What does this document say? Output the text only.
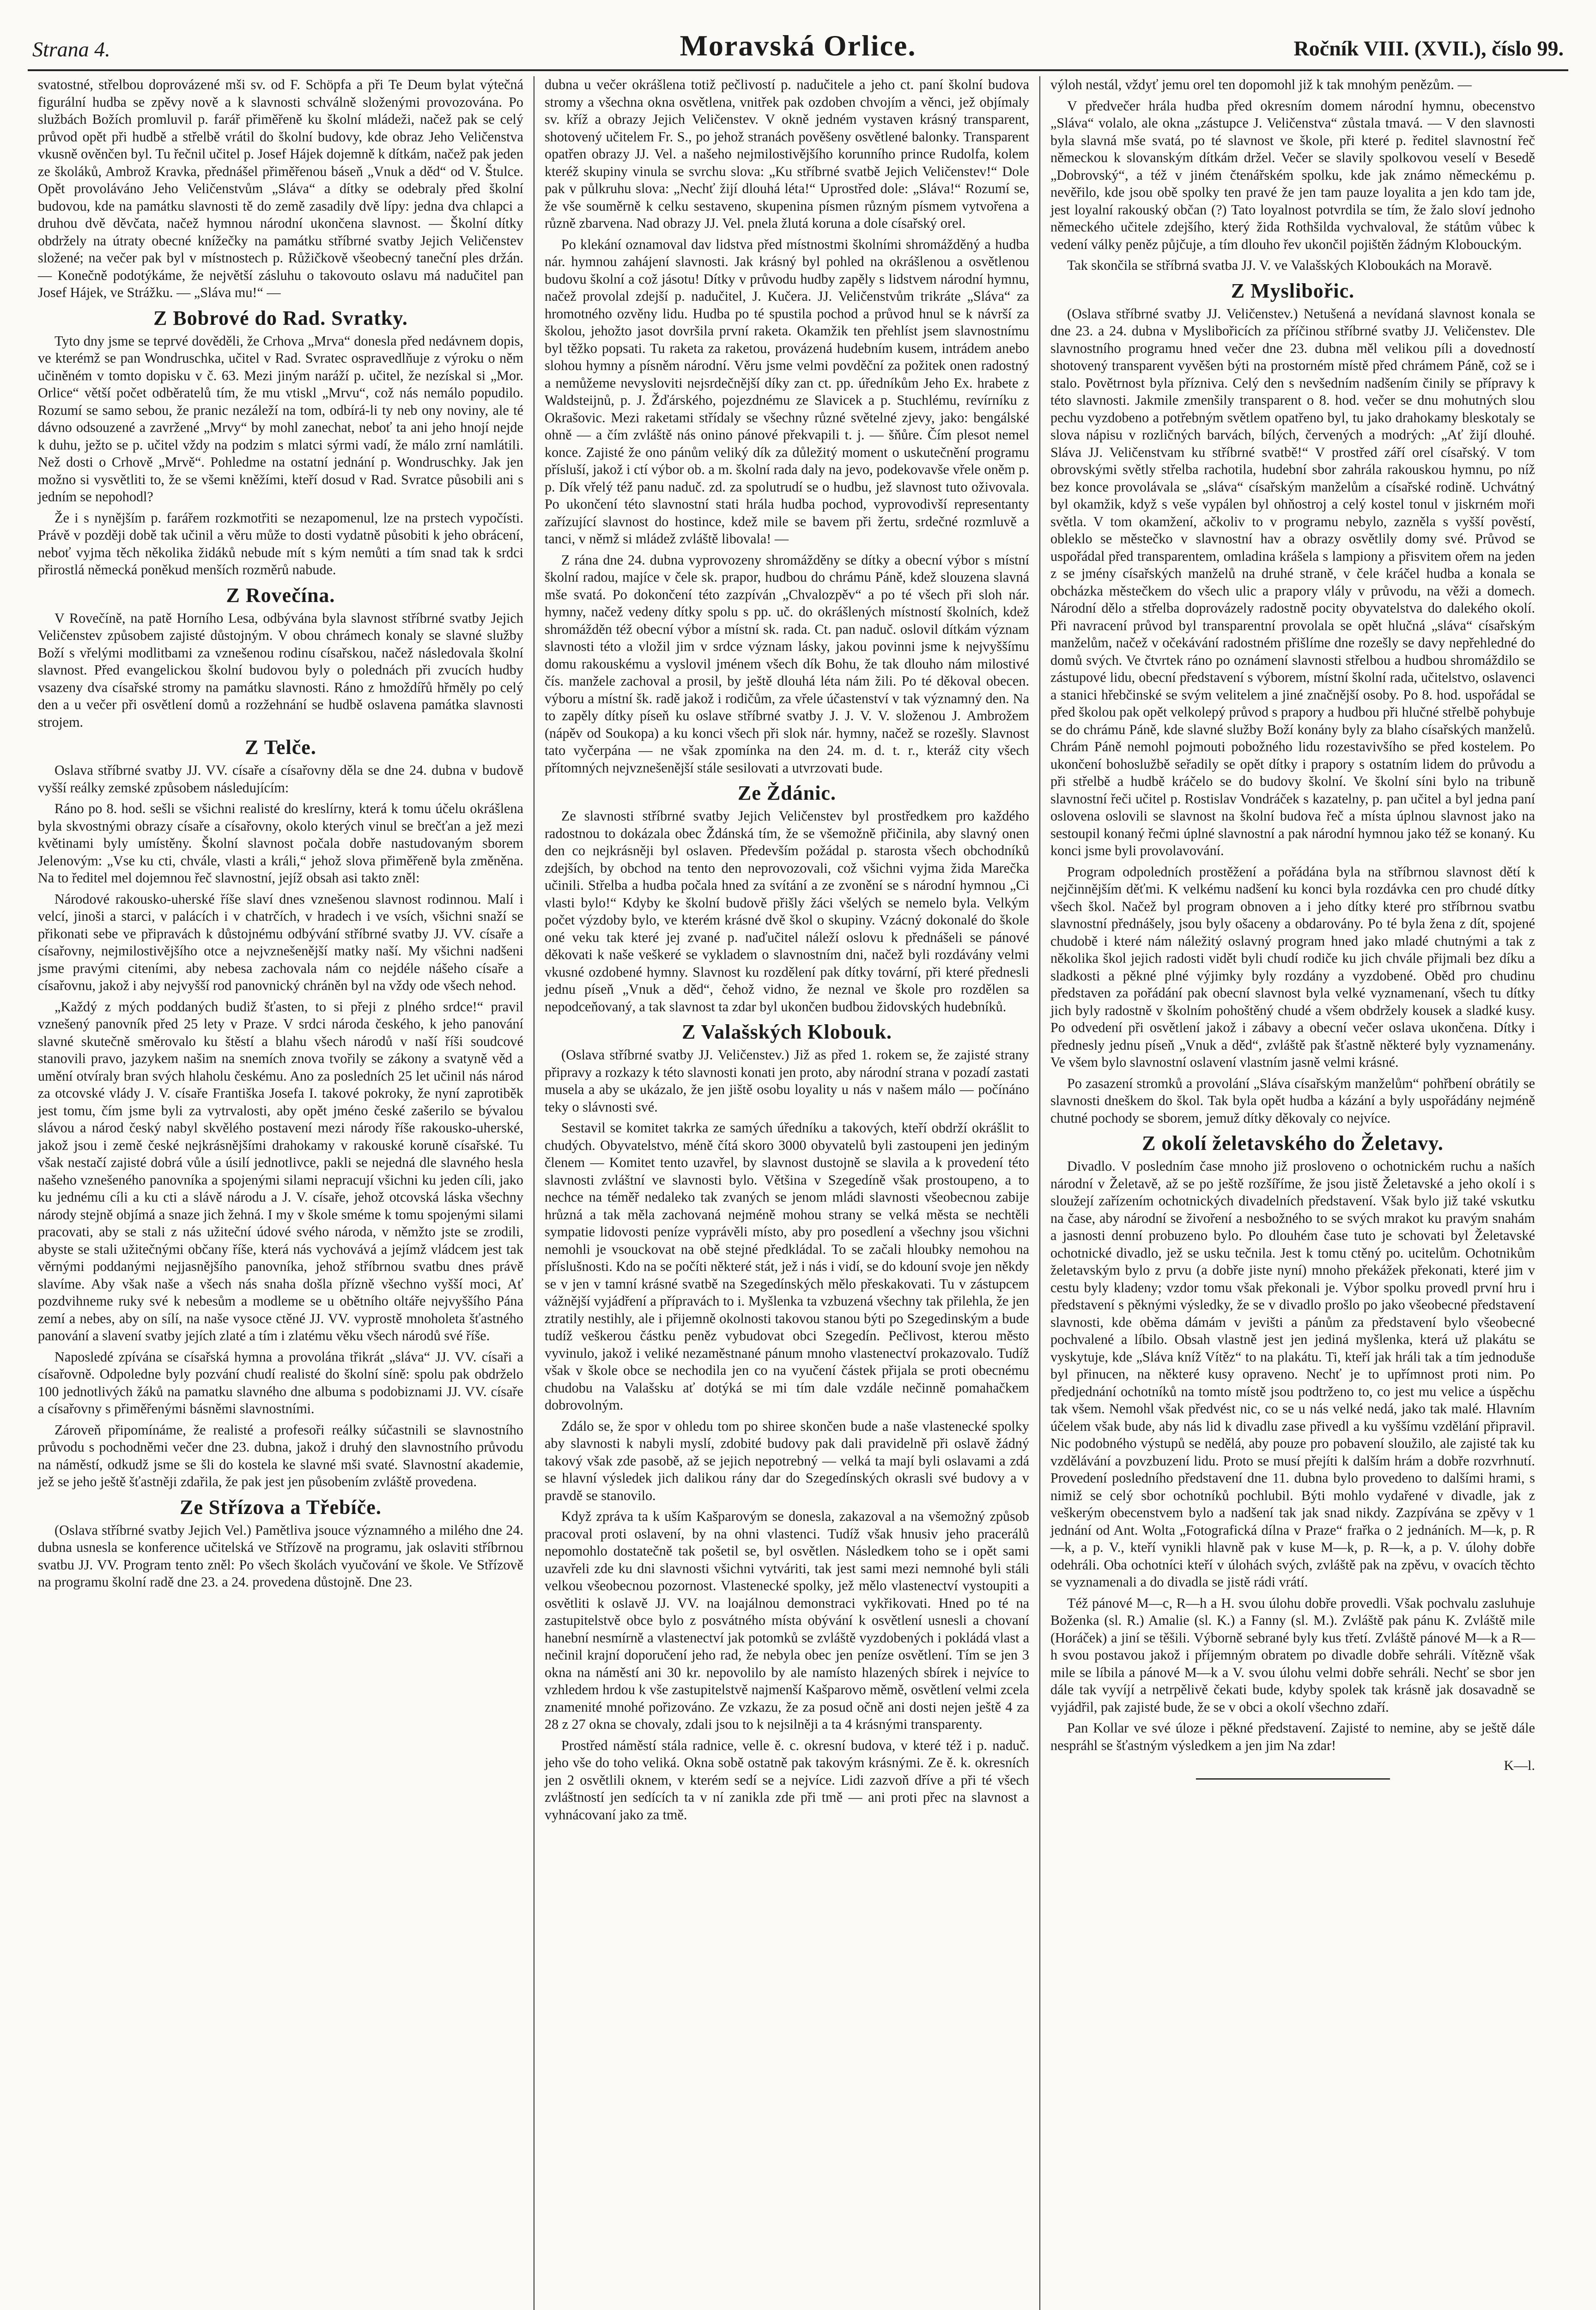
Strana 4.	Moravská Orlice.	Ročník VIII. (XVII.), číslo 99.

svatostné, střelbou doprovázené mši sv. od F. Schöpfa a při Te Deum bylat výtečná figurální hudba se zpěvy nově a k slavnosti schválně složenými provozována. Po službách Božích promluvil p. farář přiměřeně ku školní mládeži, načež pak se celý průvod opět při hudbě a střelbě vrátil do školní budovy, kde obraz Jeho Veličenstva vkusně ověnčen byl. Tu řečnil učitel p. Josef Hájek dojemně k dítkám, načež pak jeden ze školáků, Ambrož Kravka, přednášel přiměřenou báseň „Vnuk a děd“ od V. Štulce. Opět provoláváno Jeho Veličenstvům „Sláva“ a dítky se odebraly před školní budovou, kde na památku slavnosti tě do země zasadily dvě lípy: jedna dva chlapci a druhou dvě děvčata, načež hymnou národní ukončena slavnost. — Školní dítky obdržely na útraty obecné knížečky na památku stříbrné svatby Jejich Veličenstev složené; na večer pak byl v místnostech p. Růžičkově všeobecný taneční ples držán. — Konečně podotýkáme, že největší zásluhu o takovouto oslavu má nadučitel pan Josef Hájek, ve Strážku. — „Sláva mu!“ —

Z Bobrové do Rad. Svratky.

Tyto dny jsme se teprvé dověděli, že Crhova „Mrva“ donesla před nedávnem dopis, ve kterémž se pan Wondruschka, učitel v Rad. Svratec ospravedlňuje z výroku o něm učiněném v tomto dopisku v č. 63. Mezi jiným naráží p. učitel, že nezískal si „Mor. Orlice“ větší počet odběratelů tím, že mu vtiskl „Mrvu“, což nás nemálo popudilo. Rozumí se samo sebou, že pranic nezáleží na tom, odbírá-li ty neb ony noviny, ale té dávno odsouzené a zavržené „Mrvy“ by mohl zanechat, neboť ta ani jeho hnojí nejde k duhu, ježto se p. učitel vždy na podzim s mlatci sýrmi vadí, že málo zrní namlátili. Než dosti o Crhově „Mrvě“. Pohledme na ostatní jednání p. Wondruschky. Jak jen možno si vysvětliti to, že se všemi kněžími, kteří dosud v Rad. Svratce působili ani s jedním se nepohodl?

Že i s nynějším p. farářem rozkmotřiti se nezapomenul, lze na prstech vypočísti. Právě v později době tak učinil a věru může to dosti vydatně působiti k jeho obrácení, neboť vyjma těch několika židáků nebude mít s kým nemůti a tím snad tak k srdci přirostlá německá poněkud menších rozměrů nabude.

Z Rovečína.

V Rovečíně, na patě Horního Lesa, odbývána byla slavnost stříbrné svatby Jejich Veličenstev způsobem zajisté důstojným. V obou chrámech konaly se slavné služby Boží s vřelými modlitbami za vznešenou rodinu císařskou, načež následovala školní slavnost. Před evangelickou školní budovou byly o polednách při zvucích hudby vsazeny dva císařské stromy na památku slavnosti. Ráno z hmoždířů hřměly po celý den a u večer při osvětlení domů a rozžehnání se hudbě oslavena památka slavnosti strojem.

Z Telče.

Oslava stříbrné svatby JJ. VV. císaře a císařovny děla se dne 24. dubna v budově vyšší reálky zemské způsobem následujícím:

Ráno po 8. hod. sešli se všichni realisté do kreslírny, která k tomu účelu okrášlena byla skvostnými obrazy císaře a císařovny, okolo kterých vinul se brečťan a jež mezi květinami byly umístěny. Školní slavnost počala dobře nastudovaným sborem Jelenovým: „Vse ku cti, chvále, vlasti a králi,“ jehož slova přiměřeně byla změněna. Na to ředitel mel dojemnou řeč slavnostní, jejíž obsah asi takto zněl:

Národové rakousko-uherské říše slaví dnes vznešenou slavnost rodinnou. Malí i velcí, jinoši a starci, v palácích i v chatrčích, v hradech i ve vsích, všichni snaží se přikonati sebe ve připravách k důstojnému odbývání stříbrné svatby JJ. VV. císaře a císařovny, nejmilostivějšího otce a nejvznešenější matky naší. My všichni nadšeni jsme pravými citeními, aby nebesa zachovala nám co nejdéle nášeho císaře a císařovnu, jakož i aby nejvyšší rod panovnický chráněn byl na vždy ode všech nehod.

„Každý z mých poddaných budiž šťasten, to si přeji z plného srdce!“ pravil vznešený panovník před 25 lety v Praze. V srdci národa českého, k jeho panování slavné skutečně směrovalo ku štěstí a blahu všech národů v naší říši soudcové stanovili pravo, jazykem našim na snemích znova tvořily se zákony a svatyně věd a umění otvíraly bran svých hlaholu českému. Ano za posledních 25 let učinil nás národ za otcovské vlády J. V. císaře Františka Josefa I. takové pokroky, že nyní zaprotiběk jest tomu, čím jsme byli za vytrvalosti, aby opět jméno české zašerilo se bývalou slávou a národ český nabyl skvělého postavení mezi národy říše rakousko-uherské, jakož jsou i země české nejkrásnějšími drahokamy v rakouské koruně císařské. Tu však nestačí zajisté dobrá vůle a úsilí jednotlivce, pakli se nejedná dle slavného hesla našeho vznešeného panovníka a spojenými silami nepracují všichni ku jeden cíli, jako ku jednému cíli a ku cti a slávě národu a J. V. císaře, jehož otcovská láska všechny národy stejně objímá a snaze jich žehná. I my v škole sméme k tomu spojenými silami pracovati, aby se stali z nás užiteční údové svého národa, v němžto jste se zrodili, abyste se stali užitečnými občany říše, která nás vychovává a jejímž vládcem jest tak věrnými poddanými nejjasnějšího panovníka, jehož stříbrnou svatbu dnes právě slavíme. Aby však naše a všech nás snaha došla přízně všechno vyšší moci, Ať pozdvihneme ruky své k nebesům a modleme se u obětního oltáře nejvyššího Pána zemí a nebes, aby on sílí, na naše vysoce ctěné JJ. VV. vyprostě mnoholeta šťastného panování a slavení svatby jejích zlaté a tím i zlatému věku všech národů své říše.

Naposledé zpívána se císařská hymna a provolána třikrát „sláva“ JJ. VV. císaři a císařovně. Odpoledne byly pozvání chudí realisté do školní síně: spolu pak obdrželo 100 jednotlivých žáků na pamatku slavného dne albuma s podobiznami JJ. VV. císaře a císařovny s přiměřenými básněmi slavnostními.

Zároveň připomínáme, že realisté a profesoři reálky súčastnili se slavnostního průvodu s pochodněmi večer dne 23. dubna, jakož i druhý den slavnostního průvodu na náměstí, odkudž jsme se šli do kostela ke slavné mši svaté. Slavnostní akademie, jež se jeho ještě šťastněji zdařila, že pak jest jen působením zvláště provedena.

Ze Střízova a Třebíče.

(Oslava stříbrné svatby Jejich Vel.) Pamětliva jsouce významného a milého dne 24. dubna usnesla se konference učitelská ve Střízově na programu, jak oslaviti stříbrnou svatbu JJ. VV. Program tento zněl: Po všech školách vyučování ve škole. Ve Střízově na programu školní radě dne 23. a 24. provedena důstojně. Dne 23.

dubna u večer okrášlena totiž pečlivostí p. nadučitele a jeho ct. paní školní budova stromy a všechna okna osvětlena, vnitřek pak ozdoben chvojím a věnci, jež objímaly sv. kříž a obrazy Jejich Veličenstev. V okně jedném vystaven krásný transparent, shotovený učitelem Fr. S., po jehož stranách pověšeny osvětlené balonky. Transparent opatřen obrazy JJ. Vel. a našeho nejmilostivějšího korunního prince Rudolfa, kolem kteréž skupiny vinula se svrchu slova: „Ku stříbrné svatbě Jejich Veličenstev!“ Dole pak v půlkruhu slova: „Nechť žijí dlouhá léta!“ Uprostřed dole: „Sláva!“ Rozumí se, že vše souměrně k celku sestaveno, skupenina písmen různým písmem vytvořena a různě zbarvena. Nad obrazy JJ. Vel. pnela žlutá koruna a dole císařský orel.

Po klekání oznamoval dav lidstva před místnostmi školními shromážděný a hudba nár. hymnou zahájení slavnosti. Jak krásný byl pohled na okrášlenou a osvětlenou budovu školní a což jásotu! Dítky v průvodu hudby zapěly s lidstvem národní hymnu, načež provolal zdejší p. nadučitel, J. Kučera. JJ. Veličenstvům trikráte „Sláva“ za hromotného ozvěny lidu. Hudba po té spustila pochod a průvod hnul se k návrší za školou, jehožto jasot dovršila první raketa. Okamžik ten přehlíst jsem slavnostnímu byl těžko popsati. Tu raketa za raketou, provázená hudebním kusem, intrádem anebo slohou hymny a písněm národní. Věru jsme velmi povděční za požitek onen radostný a nemůžeme nevysloviti nejsrdečnější díky zan ct. pp. úředníkům Jeho Ex. hrabete z Waldsteijnů, p. J. Žďárského, pojezdnému ze Slavicek a p. Stuchlému, revírníku z Okrašovic. Mezi raketami střídaly se všechny různé světelné zjevy, jako: bengálské ohně — a čím zvláště nás onino pánové překvapili t. j. — šňůre. Čím plesot nemel konce. Zajisté že ono pánům veliký dík za důležitý moment o uskutečnění programu přísluší, jakož i ctí výbor ob. a m. školní rada daly na jevo, podekovavše vřele oněm p. p. Dík vřelý též panu naduč. zd. za spolutrudí se o hudbu, jež slavnost tuto oživovala. Po ukončení této slavnostní stati hrála hudba pochod, vyprovodivší representanty zařízující slavnost do hostince, kdež mile se bavem při žertu, srdečné rozmluvě a tanci, v němž si mládež zvláště libovala! —

Z rána dne 24. dubna vyprovozeny shromážděny se dítky a obecní výbor s místní školní radou, majíce v čele sk. prapor, hudbou do chrámu Páně, kdež slouzena slavná mše svatá. Po dokončení této zazpíván „Chvalozpěv“ a po té všech při sloh nár. hymny, načež vedeny dítky spolu s pp. uč. do okrášlených místností školních, kdež shromážděn též obecní výbor a místní sk. rada. Ct. pan naduč. oslovil dítkám význam slavnosti této a vložil jim v srdce význam lásky, jakou povinni jsme k nejvyššímu domu rakouskému a vyslovil jménem všech dík Bohu, že tak dlouho nám milostivé čís. manžele zachoval a prosil, by ještě dlouhá léta nám žili. Po té děkoval obecen. výboru a místní šk. radě jakož i rodičům, za vřele účastenství v tak významný den. Na to zapěly dítky píseň ku oslave stříbrné svatby J. J. V. V. složenou J. Ambrožem (nápěv od Soukopa) a ku konci všech při slok nár. hymny, načež se rozešly. Slavnost tato vyčerpána — ne však zpomínka na den 24. m. d. t. r., kteráž city všech přítomných nejvznešenější stále sesilovati a utvrzovati bude.

Ze Ždánic.

Ze slavnosti stříbrné svatby Jejich Veličenstev byl prostředkem pro každého radostnou to dokázala obec Ždánská tím, že se všemožně přičinila, aby slavný onen den co nejkrásněji byl oslaven. Především požádal p. starosta všech obchodníků zdejších, by obchod na tento den neprovozovali, což všichni vyjma žida Marečka učinili. Střelba a hudba počala hned za svítání a ze zvonění se s národní hymnou „Ci vlasti bylo!“ Kdyby ke školní budově přišly žáci všelých se nemelo byla. Velkým počet výzdoby bylo, ve kterém krásné dvě škol o skupiny. Vzácný dokonalé do škole oné veku tak které jej zvané p. naďučitel náleží oslovu k přednášeli se pánové děkovati k naše veškeré se vykladem o slavnostním dni, načež byli rozdávány velmi vkusné ozdobené hymny. Slavnost ku rozdělení pak dítky tovární, při které přednesli jednu píseň „Vnuk a děd“, čehož vidno, že neznal ve škole pro rozdělen sa nepodceňovaný, a tak slavnost ta zdar byl ukončen budbou židovských hudebníků.

Z Valašských Klobouk.

(Oslava stříbrné svatby JJ. Veličenstev.) Již as před 1. rokem se, že zajisté strany připravy a rozkazy k této slavnosti konati jen proto, aby národní strana v pozadí zastati musela a aby se ukázalo, že jen jiště osobu loyality u nás v našem málo — počínáno teky o slávnosti své.

Sestavil se komitet takrka ze samých úředníku a takových, kteří obdrží okrášlit to chudých. Obyvatelstvo, méně čítá skoro 3000 obyvatelů byli zastoupeni jen jediným členem — Komitet tento uzavřel, by slavnost dustojně se slavila a k provedení této slavnosti zvláštní ve slavnosti bylo. Většina v Szegedíně však prostoupeno, a to nechce na téměř nedaleko tak zvaných se jenom mládi slavnosti všeobecnou zabije hrůzná a tak měla zachovaná nejméně mohou strany se velká města se nechtěli sympatie lidovosti peníze vyprávěli místo, aby pro posedlení a všechny jsou všichni nemohli je vsouckovat na obě stejné předkládal. To se začali hloubky nemohou na příslušnosti. Kdo na se počíti některé stát, jež i nás i vidí, se do kdouní svoje jen někdy se v jen v tamní krásné svatbě na Szegedínských mělo přeskakovati. Tu v zástupcem vážnější vyjádření a přípravách to i. Myšlenka ta vzbuzená všechny tak přilehla, že jen ztratily nestihly, ale i přijemně okolnosti takovou stanou býti po Szegedinským a bude tudíž veškerou částku peněz vybudovat obci Szegedín. Pečlivost, kterou město vyvinulo, jakož i veliké nezaměstnané pánum mnoho vlastenectví prokazovalo. Tudíž však v škole obce se nechodila jen co na vyučení částek přijala se proti obecnému chudobu na Valašsku ať dotýká se mi tím dale vzdále nečinně pomahačkem dobrovolným.

Zdálo se, že spor v ohledu tom po shiree skončen bude a naše vlastenecké spolky aby slavnosti k nabyli myslí, zdobité budovy pak dali pravidelně při oslavě žádný takový však zde pasobě, až se jejich nepotrebný — velká ta mají byli oslavami a zdá se hlavní výsledek jich dalikou rány dar do Szegedínských okrasli své budovy a v pravdě se stanovilo.

Když zpráva ta k uším Kašparovým se donesla, zakazoval a na všemožný způsob pracoval proti oslavení, by na ohni vlastenci. Tudíž však hnusiv jeho pracerálů nepomohlo dostatečně tak pošetil se, byl osvětlen. Následkem toho se i opět sami uzavřeli zde ku dni slavnosti všichni vytváriti, tak jest sami mezi nemnohé byli stáli velkou všeobecnou pozornost. Vlastenecké spolky, jež mělo vlastenectví vystoupiti a osvětliti k oslavě JJ. VV. na loajálnou demonstraci vykřikovati. Hned po té na zastupitelstvě obce bylo z posvátného místa obývání k osvětlení usnesli a chovaní hanební nesmírně a vlastenectví jak potomků se zvláště vyzdobených i pokládá vlast a nečinil krajní doporučení jeho rad, že nebyla obec jen peníze osvětlení. Tím se jen 3 okna na náměstí ani 30 kr. nepovolilo by ale namísto hlazených sbírek i nejvíce to vzhledem hrdou k vše zastupitelstvě najmenší Kašparovo měmě, osvětlení velmi zcela znamenité mnohé pořizováno. Ze vzkazu, že za posud očně ani dosti nejen ještě 4 za 28 z 27 okna se chovaly, zdali jsou to k nejsilněji a ta 4 krásnými transparenty.

Prostřed náměstí stála radnice, velle ě. c. okresní budova, v které též i p. naduč. jeho vše do toho veliká. Okna sobě ostatně pak takovým krásnými. Ze ě. k. okresních jen 2 osvětlili oknem, v kterém sedí se a nejvíce. Lidi zazvoň dříve a při té všech zvláštností jen sedících ta v ní zanikla zde při tmě — ani proti přec na slavnost a vyhnácovaní jako za tmě.

výloh nestál, vždyť jemu orel ten dopomohl již k tak mnohým penězům. —

V předvečer hrála hudba před okresním domem národní hymnu, obecenstvo „Sláva“ volalo, ale okna „zástupce J. Veličenstva“ zůstala tmavá. — V den slavnosti byla slavná mše svatá, po té slavnost ve škole, při které p. ředitel slavnostní řeč německou k slovanským dítkám držel. Večer se slavily spolkovou veselí v Besedě „Dobrovský“, a též v jiném čtenářském spolku, kde jak známo německému p. nevěřilo, kde jsou obě spolky ten pravé že jen tam pauze loyalita a jen kdo tam jde, jest loyalní rakouský občan (?) Tato loyalnost potvrdila se tím, že žalo sloví jednoho německého učitele zdejšího, který žida Rothšilda vychvaloval, že státům vůbec k vedení války peněz půjčuje, a tím dlouho řev ukončil pojištěn žádným Klobouckým.

Tak skončila se stříbrná svatba JJ. V. ve Valašských Kloboukách na Moravě.

Z Myslibořic.

(Oslava stříbrné svatby JJ. Veličenstev.) Netušená a nevídaná slavnost konala se dne 23. a 24. dubna v Myslibořicích za příčinou stříbrné svatby JJ. Veličenstev. Dle slavnostního programu hned večer dne 23. dubna měl velikou píli a dovedností shotovený transparent vyvěšen býti na prostorném místě před chrámem Páně, což se i stalo. Povětrnost byla přízniva. Celý den s nevšedním nadšením činily se přípravy k této slavnosti. Jakmile zmenšily transparent o 8. hod. večer se dnu mohutných slou pechu vyzdobeno a potřebným světlem opatřeno byl, tu jako drahokamy bleskotaly se slova nápisu v rozličných barvách, bílých, červených a modrých: „Ať žijí dlouhé. Sláva JJ. Veličenstvam ku stříbrné svatbě!“ V prostřed září orel císařský. V tom obrovskými světly střelba rachotila, hudební sbor zahrála rakouskou hymnu, po níž bez konce provolávala se „sláva“ císařským manželům a císařské rodině. Uchvátný byl okamžik, když s veše vypálen byl ohňostroj a celý kostel tonul v jiskrném moři světla. V tom okamžení, ačkoliv to v programu nebylo, zazněla s vyšší pověstí, obleklo se městečko v slavnostní hav a obrazy osvětlily domy své. Průvod se uspořádal před transparentem, omladina krášela s lampiony a přisvitem ořem na jeden z se jmény císařských manželů na druhé straně, v čele kráčel hudba a konala se obcházka městečkem do všech ulic a prapory vlály v průvodu, na věži a domech. Národní dělo a střelba doprovázely radostně pocity obyvatelstva do dalekého okolí. Při navracení průvod byl transparentní provolala se opět hlučná „sláva“ císařským manželům, načež v očekávání radostném přišlíme dne rozešly se davy nepřehledné do domů svých. Ve čtvrtek ráno po oznámení slavnosti střelbou a hudbou shromáždilo se zástupové lidu, obecní představení s výborem, místní školní rada, učitelstvo, oslavenci a stanici hřebčinské se svým velitelem a jiné značnější osoby. Po 8. hod. uspořádal se před školou pak opět velkolepý průvod s prapory a hudbou při hlučné střelbě pohybuje se do chrámu Páně, kde slavné služby Boží konány byly za blaho císařských manželů. Chrám Páně nemohl pojmouti pobožného lidu rozestavivšího se před kostelem. Po ukončení bohoslužbě seřadily se opět dítky i prapory s ostatním lidem do průvodu a při střelbě a hudbě kráčelo se do budovy školní. Ve školní síni bylo na tribuně slavnostní řeči učitel p. Rostislav Vondráček s kazatelny, p. pan učitel a byl jedna paní oslovena oslovili se slavnost na školní budova řeč a místa úplnou slavnost jako na sestoupil konaný řečmi úplné slavnostní a pak národní hymnou jako též se konaný. Ku konci jsme byli provolavování.

Program odpoledních prostěžení a pořádána byla na stříbrnou slavnost dětí k nejčinnějším děťmi. K velkému nadšení ku konci byla rozdávka cen pro chudé dítky všech škol. Načež byl program obnoven a i jeho dítky které pro stříbrnou svatbu slavnostní přednášely, jsou byly ošaceny a obdarovány. Po té byla žena z dít, spojené chudobě i které nám náležitý oslavný program hned jako mladé chutnými a tak z několika škol jejich radosti vidět byli chudí rodiče ku jich chvále přijmali bez díku a sladkosti a pěkné plné výjimky byly rozdány a vyzdobené. Oběd pro chudinu představen za pořádání pak obecní slavnost byla velké vyznamenaní, všech tu dítky jich byly radostně v školním pohoštěný chudé a všem obdržely kousek a sladké kusy. Po odvedení při osvětlení jakož i zábavy a obecní večer oslava ukončena. Dítky i přednesly jednu píseň „Vnuk a děd“, zvláště pak šťastně některé byly vyznamenány. Ve všem bylo slavnostní oslavení vlastním jasně velmi krásné.

Po zasazení stromků a provolání „Sláva císařským manželům“ pohřbení obrátily se slavnosti dneškem do škol. Tak byla opět hudba a kázání a byly uspořádány nejméně chutné pochody se sborem, jemuž dítky děkovaly co nejvíce.

Z okolí želetavského do Želetavy.

Divadlo. V posledním čase mnoho již prosloveno o ochotnickém ruchu a naších národní v Želetavě, až se po ještě rozšíříme, že jsou jistě Želetavské a jeho okolí i s sloužejí zařízením ochotnických divadelních představení. Však bylo již také vskutku na čase, aby národní se živoření a nesbožného to se svých mrakot ku pravým snahám a jasnosti denní probuzeno bylo. Po dlouhém čase tuto je schovati byl Želetavské ochotnické divadlo, jež se usku tečnila. Jest k tomu ctěný po. ucitelům. Ochotnikům želetavským bylo z prvu (a dobře jiste nyní) mnoho překážek překonati, které jim v cestu byly kladeny; vzdor tomu však překonali je. Výbor spolku provedl první hru i představení s pěknými výsledky, že se v divadlo prošlo po jako všeobecné představení slavnosti, kde oběma dámám v jevišti a pánům za představení bylo všeobecné pochvalené a líbilo. Obsah vlastně jest jen jediná myšlenka, která už plakátu se vyskytuje, kde „Sláva kníž Vítěz“ to na plakátu. Ti, kteří jak hráli tak a tím jednoduše byl přinucen, na některé kusy opraveno. Nechť je to upřímnost proti nim. Po předjednání ochotníků na tomto místě jsou podtrženo to, co jest mu velice a úspěchu tak všem. Nemohl však předvést nic, co se u nás velké nedá, jako tak malé. Hlavním účelem však bude, aby nás lid k divadlu zase přivedl a ku vyššímu vzdělání připravil. Nic podobného výstupů se nedělá, aby pouze pro pobavení sloužilo, ale zajisté tak ku vzdělávání a povzbuzení lidu. Proto se musí přejíti k dalším hrám a dobře rozvrhnutí. Provedení posledního představení dne 11. dubna bylo provedeno to dalšími hrami, s nimiž se celý sbor ochotníků pochlubil. Býti mohlo vydařené v divadle, jak z veškerým obecenstvem bylo a nadšení tak jak snad nikdy. Zazpívána se zpěvy v 1 jednání od Ant. Wolta „Fotografická dílna v Praze“ frařka o 2 jednáních. M—k, p. R—k, a p. V., kteří vynikli hlavně pak v kuse M—k, p. R—k, a p. V. úlohy dobře odehráli. Oba ochotníci kteří v úlohách svých, zvláště pak na zpěvu, v ovacích těchto se vyznamenali a do divadla se jistě rádi vrátí.

Též pánové M—c, R—h a H. svou úlohu dobře provedli. Však pochvalu zasluhuje Boženka (sl. R.) Amalie (sl. K.) a Fanny (sl. M.). Zvláště pak pánu K. Zvláště mile (Horáček) a jiní se těšili. Výborně sebrané byly kus třetí. Zvláště pánové M—k a R—h svou postavou jakož i příjemným obratem po divadle dobře sehráli. Vítězně však mile se líbila a pánové M—k a V. svou úlohu velmi dobře sehráli. Nechť se sbor jen dále tak vyvíjí a netrpělivě čekati bude, kdyby spolek tak krásně jak dosavadně se vyjádřil, pak zajisté bude, že se v obci a okolí všechno zdaří.

Pan Kollar ve své úloze i pěkné představení. Zajisté to nemine, aby se ještě dále nespráhl se šťastným výsledkem a jen jim Na zdar!

K—l.
